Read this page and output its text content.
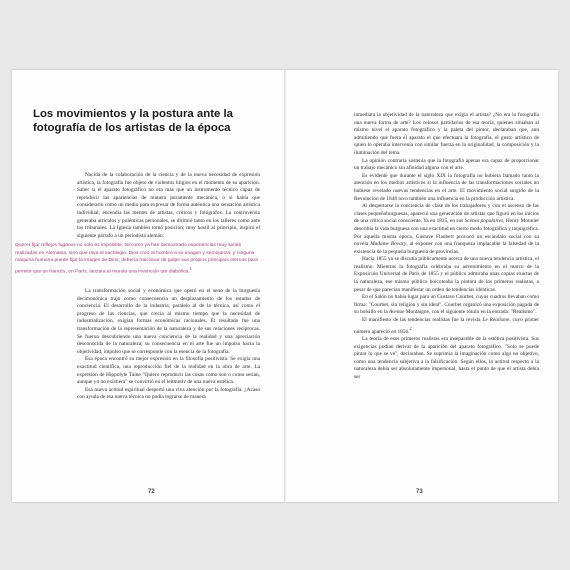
Los movimientos y la postura ante la fotografía de los artistas de la época

Nacida de la colaboración de la ciencia y de la nueva necesidad de expresión artística, la fotografía fue objeto de violentos litigios en el momento de su aparición. Saber si el aparato fotográfico no era más que un instrumento técnico capaz de reproducir las apariencias de manera puramente mecánica, o si había que considerarlo como un medio para expresar de forma auténtica una sensación artística individual, encendía las mentes de artistas, críticos y fotógrafos. La controversia generaba artículos y polémicas personales, se dirimió tanto en los talleres como ante los tribunales. La Iglesia también tomó posición; muy hostil al principio, inspiró el siguiente párrafo a un periodista alemán:

Querer fijar reflejos fugaces no solo es imposible, tal como ya han demostrado experiencias muy serias realizadas en Alemania, sino que raya el sacrilegio. Dios creó al hombre a su imagen y semejanza, y ninguna máquina humana puede fijar la imagen de Dios; debería traicionar de golpe sus propios principios eternos para permitir que un francés, en París, lanzara al mundo una invención tan diabólica.$^1$

La transformación social y económica que operó en el seno de la burguesía decimonónica trajo como consecuencia un desplazamiento de los estados de conciencia. El desarrollo de la industria, paralelo al de la técnica, así como el progreso de las ciencias, que crecía al mismo tiempo que la necesidad de industrialización, exigían formas económicas racionales. El resultado fue una transformación de la representación de la naturaleza y de sus relaciones recíprocas. Se fueron descubriendo una nueva conciencia de la realidad y una apreciación desconocida de la naturaleza; su consecuencia en el arte fue un impulso hacia la objetividad, impulso que se corresponde con la esencia de la fotografía.

Esa época encontró su mejor expresión en la filosofía positivista. Se exigía una exactitud científica, una reproducción fiel de la realidad en la obra de arte. La expresión de Hippolyte Taine "Quiero reproducir las cosas como son o como serían, aunque yo no existiera" se convirtió en el leitmotiv de una nueva estética.

Esa nueva actitud espiritual despertó una viva atención por la fotografía. ¿Acaso con ayuda de esa nueva técnica no podía lograrse de manera

72

inmediata la objetividad de la naturaleza que exigía el artista? ¿No era la fotografía una nueva forma de arte? Los celosos partidarios de esa teoría, quienes situaban al mismo nivel el aparato fotográfico y la paleta del pintor, declaraban que, aun admitiendo que fuera el aparato el que efectuara la fotografía, el gusto artístico de quien lo operaba intervenía con similar fuerza en la originalidad, la composición y la iluminación del tema.

La opinión contraria sostenía que la fotografía apenas era capaz de proporcionar un trabajo mecánico sin afinidad alguna con el arte.

Es evidente que durante el siglo XIX la fotografía no hubiera llamado tanto la atención en los medios artísticos si la influencia de las transformaciones sociales no hubiese revelado nuevas tendencias en el arte. El movimiento social surgido de la Revolución de 1848 tuvo también una influencia en la producción artística.

Al despertarse la conciencia de clase de los trabajadores y con el ascenso de las clases pequeñoburguesas, apareció una generación de artistas que figuró en los inicios de una crítica social consciente. Ya en 1835, en sus Scènes populaires, Henry Monnier describía la vida burguesa con una exactitud en cierto modo fotográfica y taquigráfica. Por aquella misma época, Gustave Flaubert provocó un escándalo social con su novela Madame Bovary, al exponer con una franqueza implacable la falsedad de la existencia de la pequeña burguesía de provincias.

Hacia 1855 ya se discutía públicamente acerca de una nueva tendencia artística, el realismo. Mientras la fotografía celebraba su advenimiento en el marco de la Exposición Universal de París de 1855 y el público admiraba unas copias exactas de la naturaleza, ese mismo público boicoteaba la pintura de los primeros realistas, a pesar de que parecían manifestar un orden de tendencias idénticas.

En el Salón no había lugar para un Gustave Courbet, cuyos cuadros llevaban como firma: "Courbet, sin religión y sin ideal". Courbet organizó una exposición pagada de su bolsillo en la Avenue Montaigne, con el siguiente rótulo en la entrada: "Realismo".

El manifiesto de las tendencias realistas fue la revista Le Réalisme, cuyo primer número apareció en 1856.$^2$

La teoría de esos primeros realistas era inseparable de la estética positivista. Sus exigencias podían derivar de la aparición del aparato fotográfico. "Solo se puede pintar lo que se ve", declaraban. Se suprimía la imaginación como algo no objetivo, como una tendencia subjetiva a la falsificación. Según ellos, la actitud respecto a la naturaleza debía ser absolutamente impersonal, hasta el punto de que el artista debía ser

73
